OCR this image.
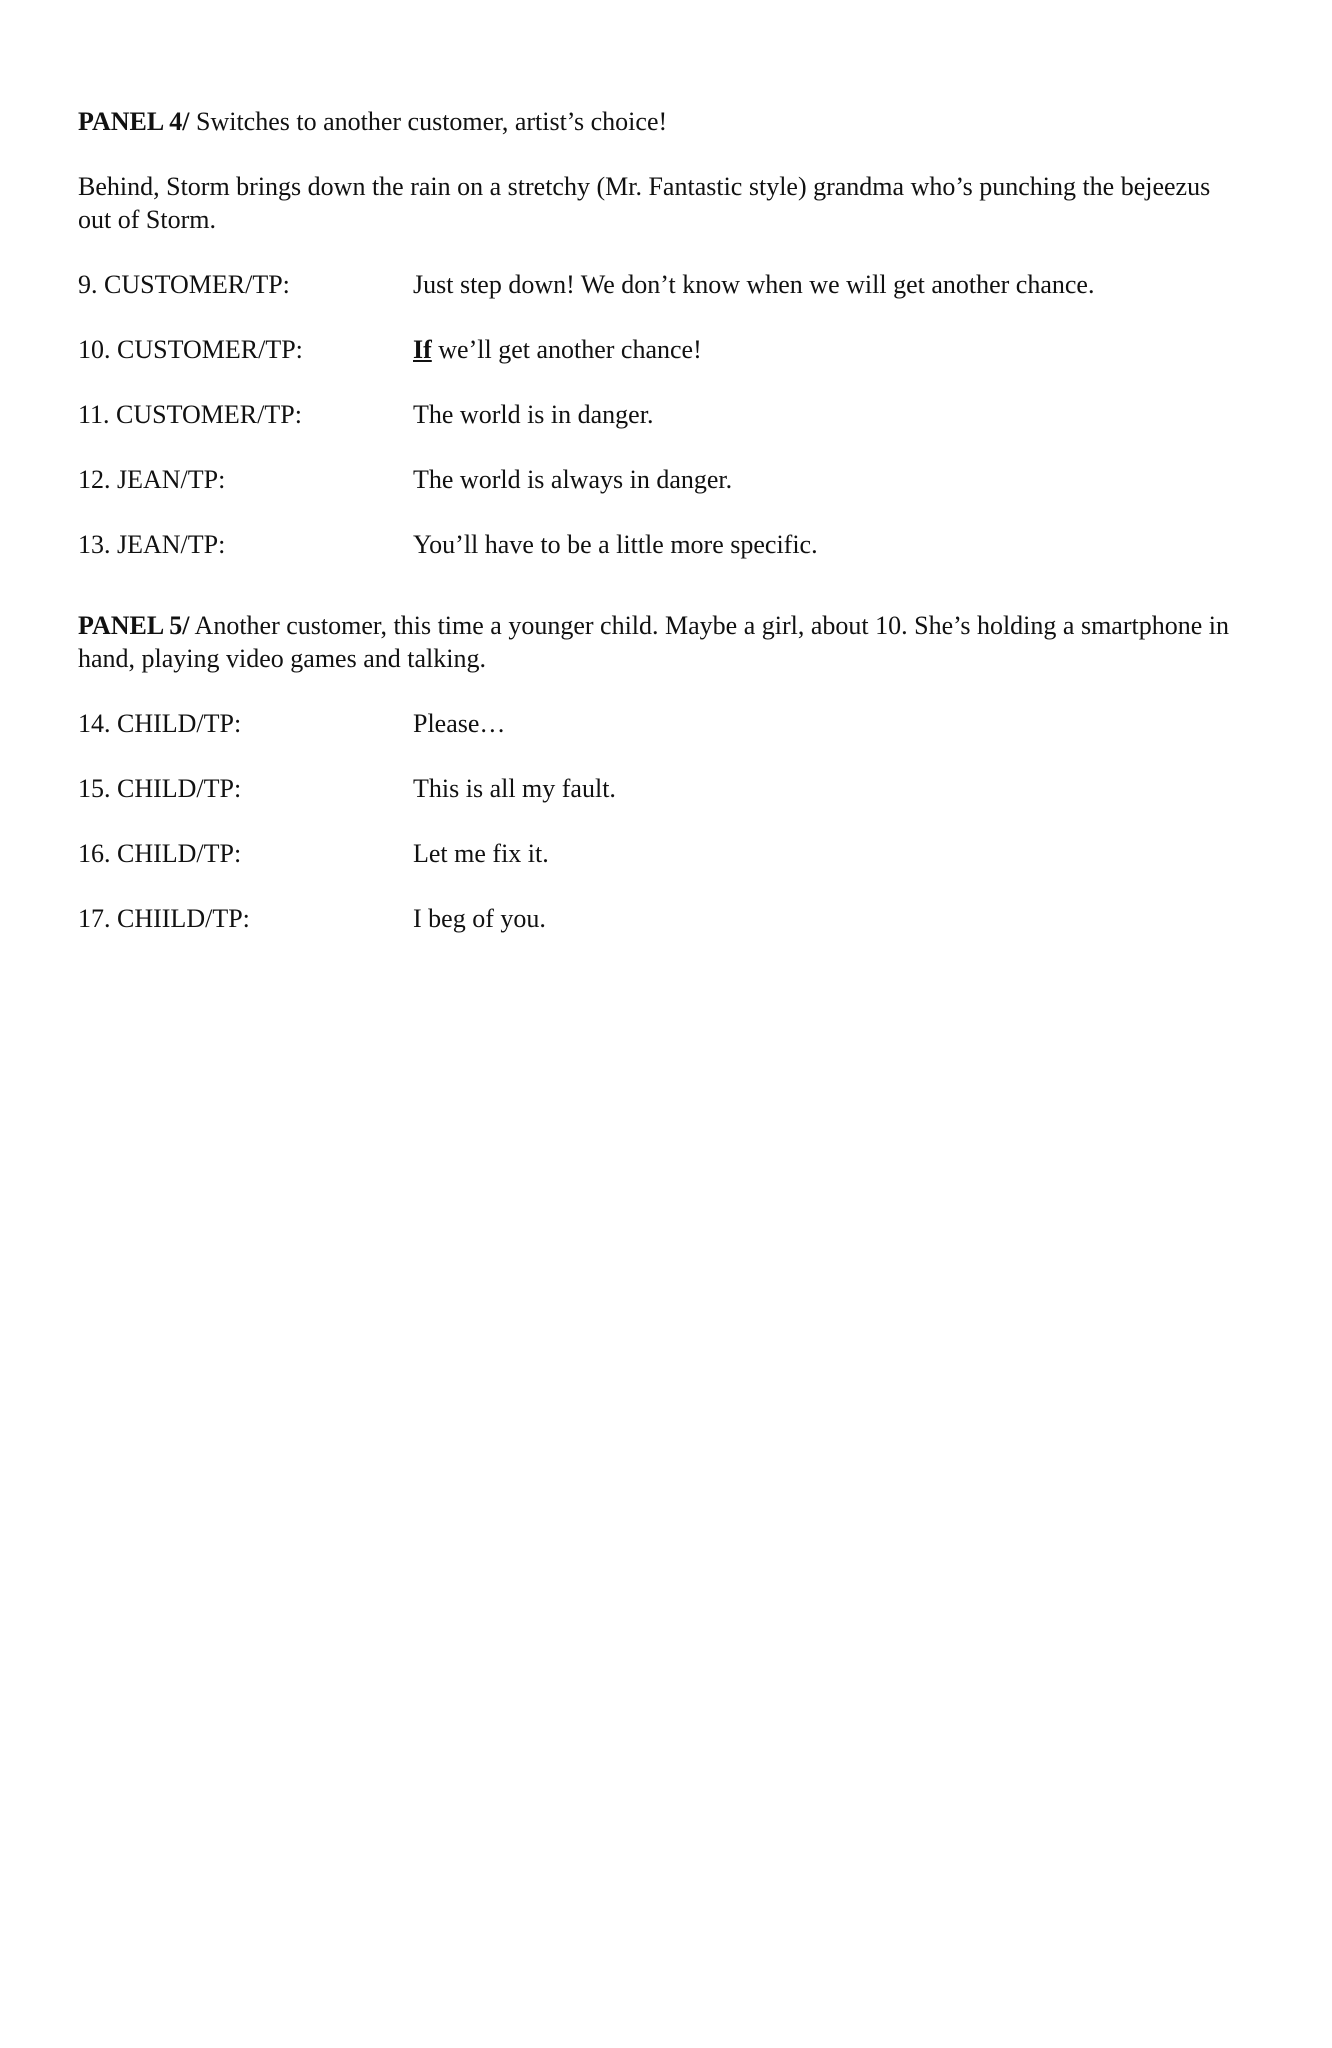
PANEL 4/ Switches to another customer, artist’s choice!

Behind, Storm brings down the rain on a stretchy (Mr. Fantastic style) grandma who’s punching the bejeezus out of Storm.

9. CUSTOMER/TP:	Just step down! We don’t know when we will get another chance.
10. CUSTOMER/TP:	If we’ll get another chance!
11. CUSTOMER/TP:	The world is in danger.
12. JEAN/TP:	The world is always in danger.
13. JEAN/TP:	You’ll have to be a little more specific.

PANEL 5/ Another customer, this time a younger child. Maybe a girl, about 10. She’s holding a smartphone in hand, playing video games and talking.

14. CHILD/TP:	Please…
15. CHILD/TP:	This is all my fault.
16. CHILD/TP:	Let me fix it.
17. CHIILD/TP:	I beg of you.
